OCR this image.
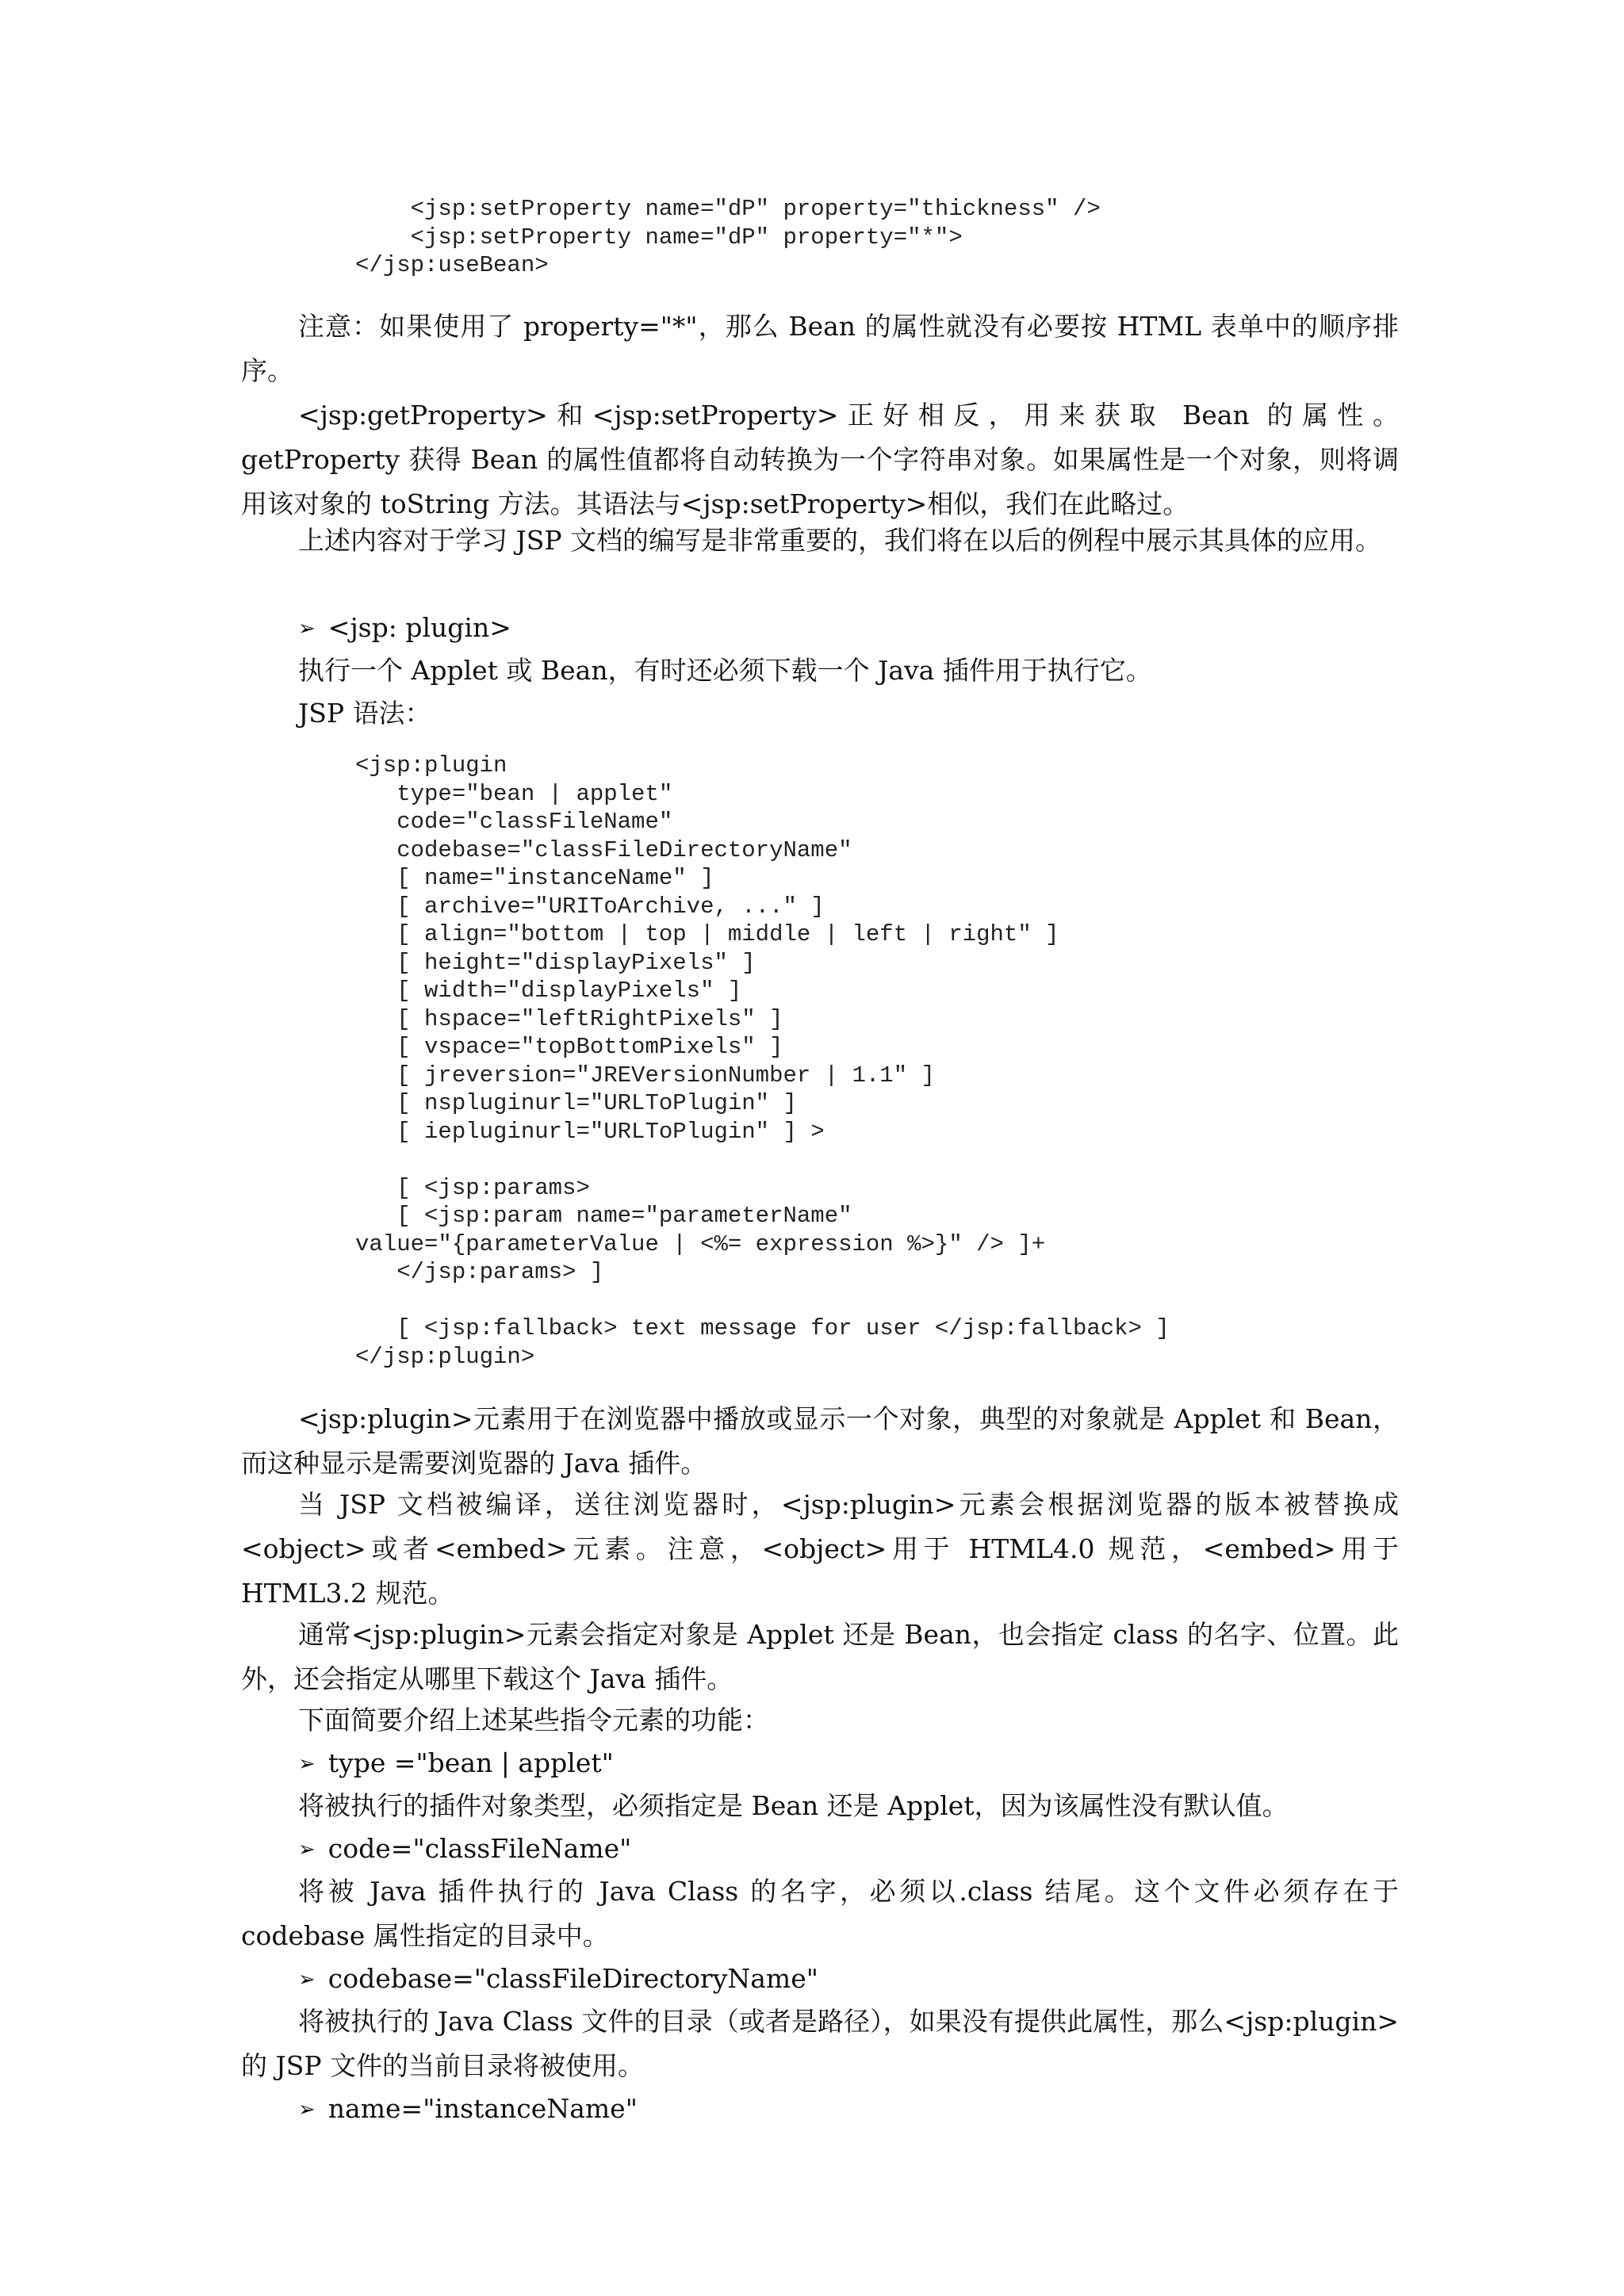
<jsp:setProperty name="dP" property="thickness" />
<jsp:setProperty name="dP" property="*">
</jsp:useBean>

注意：如果使用了 property="*"，那么 Bean 的属性就没有必要按 HTML 表单中的顺序排序。

<jsp:getProperty>和<jsp:setProperty>正好相反，用来获取 Bean 的属性。getProperty 获得 Bean 的属性值都将自动转换为一个字符串对象。如果属性是一个对象，则将调用该对象的 toString 方法。其语法与<jsp:setProperty>相似，我们在此略过。

上述内容对于学习 JSP 文档的编写是非常重要的，我们将在以后的例程中展示其具体的应用。

➢ <jsp: plugin>
执行一个 Applet 或 Bean，有时还必须下载一个 Java 插件用于执行它。
JSP 语法：
<jsp:plugin
type="bean | applet"
code="classFileName"
codebase="classFileDirectoryName"
[ name="instanceName" ]
[ archive="URIToArchive, ..." ]
[ align="bottom | top | middle | left | right" ]
[ height="displayPixels" ]
[ width="displayPixels" ]
[ hspace="leftRightPixels" ]
[ vspace="topBottomPixels" ]
[ jreversion="JREVersionNumber | 1.1" ]
[ nspluginurl="URLToPlugin" ]
[ iepluginurl="URLToPlugin" ] >

[ <jsp:params>
[ <jsp:param name="parameterName"
value="{parameterValue | <%= expression %>}" /> ]+
</jsp:params> ]

[ <jsp:fallback> text message for user </jsp:fallback> ]
</jsp:plugin>

<jsp:plugin>元素用于在浏览器中播放或显示一个对象，典型的对象就是 Applet 和 Bean，而这种显示是需要浏览器的 Java 插件。

当 JSP 文档被编译，送往浏览器时，<jsp:plugin>元素会根据浏览器的版本被替换成<object>或者<embed>元素。注意，<object>用于 HTML4.0 规范，<embed>用于 HTML3.2 规范。

通常<jsp:plugin>元素会指定对象是 Applet 还是 Bean，也会指定 class 的名字、位置。此外，还会指定从哪里下载这个 Java 插件。

下面简要介绍上述某些指令元素的功能：
➢ type ="bean | applet"
将被执行的插件对象类型，必须指定是 Bean 还是 Applet，因为该属性没有默认值。
➢ code="classFileName"

将被 Java 插件执行的 Java Class 的名字，必须以.class 结尾。这个文件必须存在于 codebase 属性指定的目录中。

➢ codebase="classFileDirectoryName"

将被执行的 Java Class 文件的目录（或者是路径），如果没有提供此属性，那么<jsp:plugin>的 JSP 文件的当前目录将被使用。

➢ name="instanceName"
